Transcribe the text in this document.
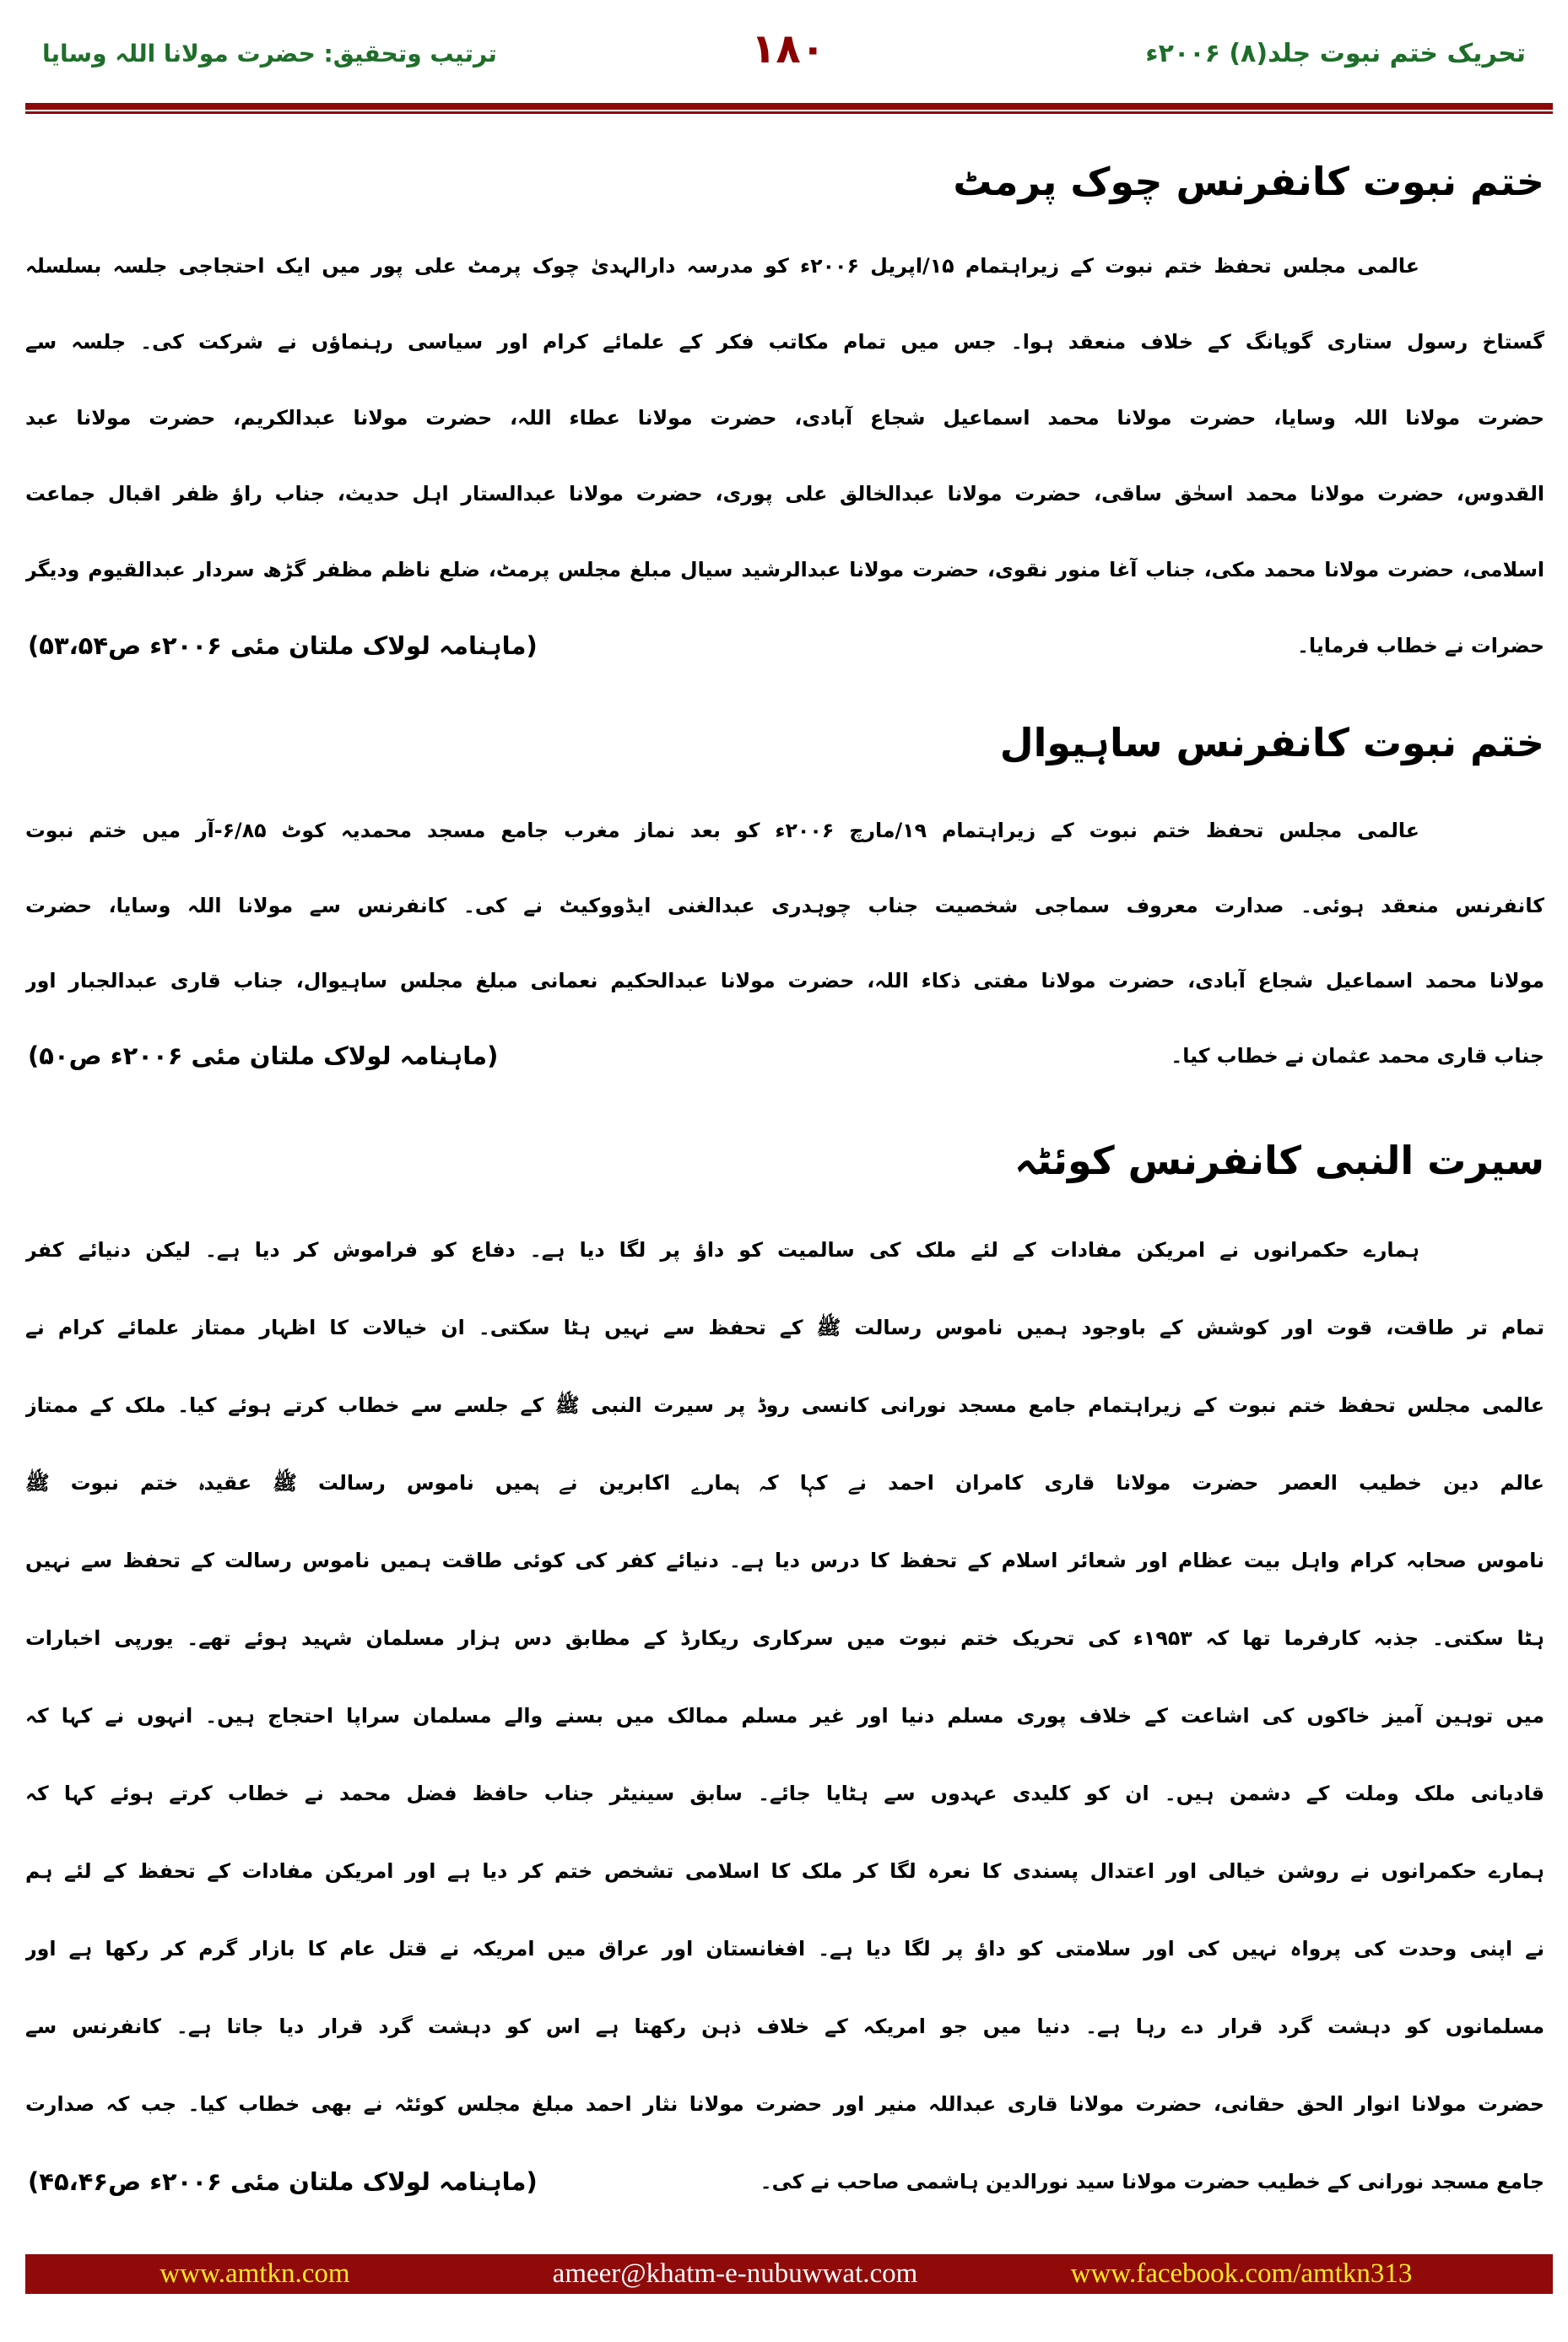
تحریک ختم نبوت جلد(۸) ۲۰۰۶ء
۱۸۰
ترتیب وتحقیق: حضرت مولانا اللہ وسایا
ختم نبوت کانفرنس چوک پرمٹ
عالمی مجلس تحفظ ختم نبوت کے زیراہتمام ۱۵/اپریل ۲۰۰۶ء کو مدرسہ دارالہدیٰ چوک پرمٹ علی پور میں ایک احتجاجی جلسہ بسلسلہ
گستاخ رسول ستاری گوپانگ کے خلاف منعقد ہوا۔ جس میں تمام مکاتب فکر کے علمائے کرام اور سیاسی رہنماؤں نے شرکت کی۔ جلسہ سے
حضرت مولانا اللہ وسایا، حضرت مولانا محمد اسماعیل شجاع آبادی، حضرت مولانا عطاء اللہ، حضرت مولانا عبدالکریم، حضرت مولانا عبد
القدوس، حضرت مولانا محمد اسحٰق ساقی، حضرت مولانا عبدالخالق علی پوری، حضرت مولانا عبدالستار اہل حدیث، جناب راؤ ظفر اقبال جماعت
اسلامی، حضرت مولانا محمد مکی، جناب آغا منور نقوی، حضرت مولانا عبدالرشید سیال مبلغ مجلس پرمٹ، ضلع ناظم مظفر گڑھ سردار عبدالقیوم ودیگر
حضرات نے خطاب فرمایا۔
(ماہنامہ لولاک ملتان مئی ۲۰۰۶ء ص۵۳،۵۴)
ختم نبوت کانفرنس ساہیوال
عالمی مجلس تحفظ ختم نبوت کے زیراہتمام ۱۹/مارچ ۲۰۰۶ء کو بعد نماز مغرب جامع مسجد محمدیہ کوٹ ۶/۸۵-آر میں ختم نبوت
کانفرنس منعقد ہوئی۔ صدارت معروف سماجی شخصیت جناب چوہدری عبدالغنی ایڈووکیٹ نے کی۔ کانفرنس سے مولانا اللہ وسایا، حضرت
مولانا محمد اسماعیل شجاع آبادی، حضرت مولانا مفتی ذکاء اللہ، حضرت مولانا عبدالحکیم نعمانی مبلغ مجلس ساہیوال، جناب قاری عبدالجبار اور
جناب قاری محمد عثمان نے خطاب کیا۔
(ماہنامہ لولاک ملتان مئی ۲۰۰۶ء ص۵۰)
سیرت النبی کانفرنس کوئٹہ
ہمارے حکمرانوں نے امریکن مفادات کے لئے ملک کی سالمیت کو داؤ پر لگا دیا ہے۔ دفاع کو فراموش کر دیا ہے۔ لیکن دنیائے کفر
تمام تر طاقت، قوت اور کوشش کے باوجود ہمیں ناموس رسالت ﷺ کے تحفظ سے نہیں ہٹا سکتی۔ ان خیالات کا اظہار ممتاز علمائے کرام نے
عالمی مجلس تحفظ ختم نبوت کے زیراہتمام جامع مسجد نورانی کانسی روڈ پر سیرت النبی ﷺ کے جلسے سے خطاب کرتے ہوئے کیا۔ ملک کے ممتاز
عالم دین خطیب العصر حضرت مولانا قاری کامران احمد نے کہا کہ ہمارے اکابرین نے ہمیں ناموس رسالت ﷺ عقیدہ ختم نبوت ﷺ
ناموس صحابہ کرام واہل بیت عظام اور شعائر اسلام کے تحفظ کا درس دیا ہے۔ دنیائے کفر کی کوئی طاقت ہمیں ناموس رسالت کے تحفظ سے نہیں
ہٹا سکتی۔ جذبہ کارفرما تھا کہ ۱۹۵۳ء کی تحریک ختم نبوت میں سرکاری ریکارڈ کے مطابق دس ہزار مسلمان شہید ہوئے تھے۔ یورپی اخبارات
میں توہین آمیز خاکوں کی اشاعت کے خلاف پوری مسلم دنیا اور غیر مسلم ممالک میں بسنے والے مسلمان سراپا احتجاج ہیں۔ انہوں نے کہا کہ
قادیانی ملک وملت کے دشمن ہیں۔ ان کو کلیدی عہدوں سے ہٹایا جائے۔ سابق سینیٹر جناب حافظ فضل محمد نے خطاب کرتے ہوئے کہا کہ
ہمارے حکمرانوں نے روشن خیالی اور اعتدال پسندی کا نعرہ لگا کر ملک کا اسلامی تشخص ختم کر دیا ہے اور امریکن مفادات کے تحفظ کے لئے ہم
نے اپنی وحدت کی پرواہ نہیں کی اور سلامتی کو داؤ پر لگا دیا ہے۔ افغانستان اور عراق میں امریکہ نے قتل عام کا بازار گرم کر رکھا ہے اور
مسلمانوں کو دہشت گرد قرار دے رہا ہے۔ دنیا میں جو امریکہ کے خلاف ذہن رکھتا ہے اس کو دہشت گرد قرار دیا جاتا ہے۔ کانفرنس سے
حضرت مولانا انوار الحق حقانی، حضرت مولانا قاری عبداللہ منیر اور حضرت مولانا نثار احمد مبلغ مجلس کوئٹہ نے بھی خطاب کیا۔ جب کہ صدارت
جامع مسجد نورانی کے خطیب حضرت مولانا سید نورالدین ہاشمی صاحب نے کی۔
(ماہنامہ لولاک ملتان مئی ۲۰۰۶ء ص۴۵،۴۶)
www.amtkn.com	ameer@khatm-e-nubuwwat.com	www.facebook.com/amtkn313
